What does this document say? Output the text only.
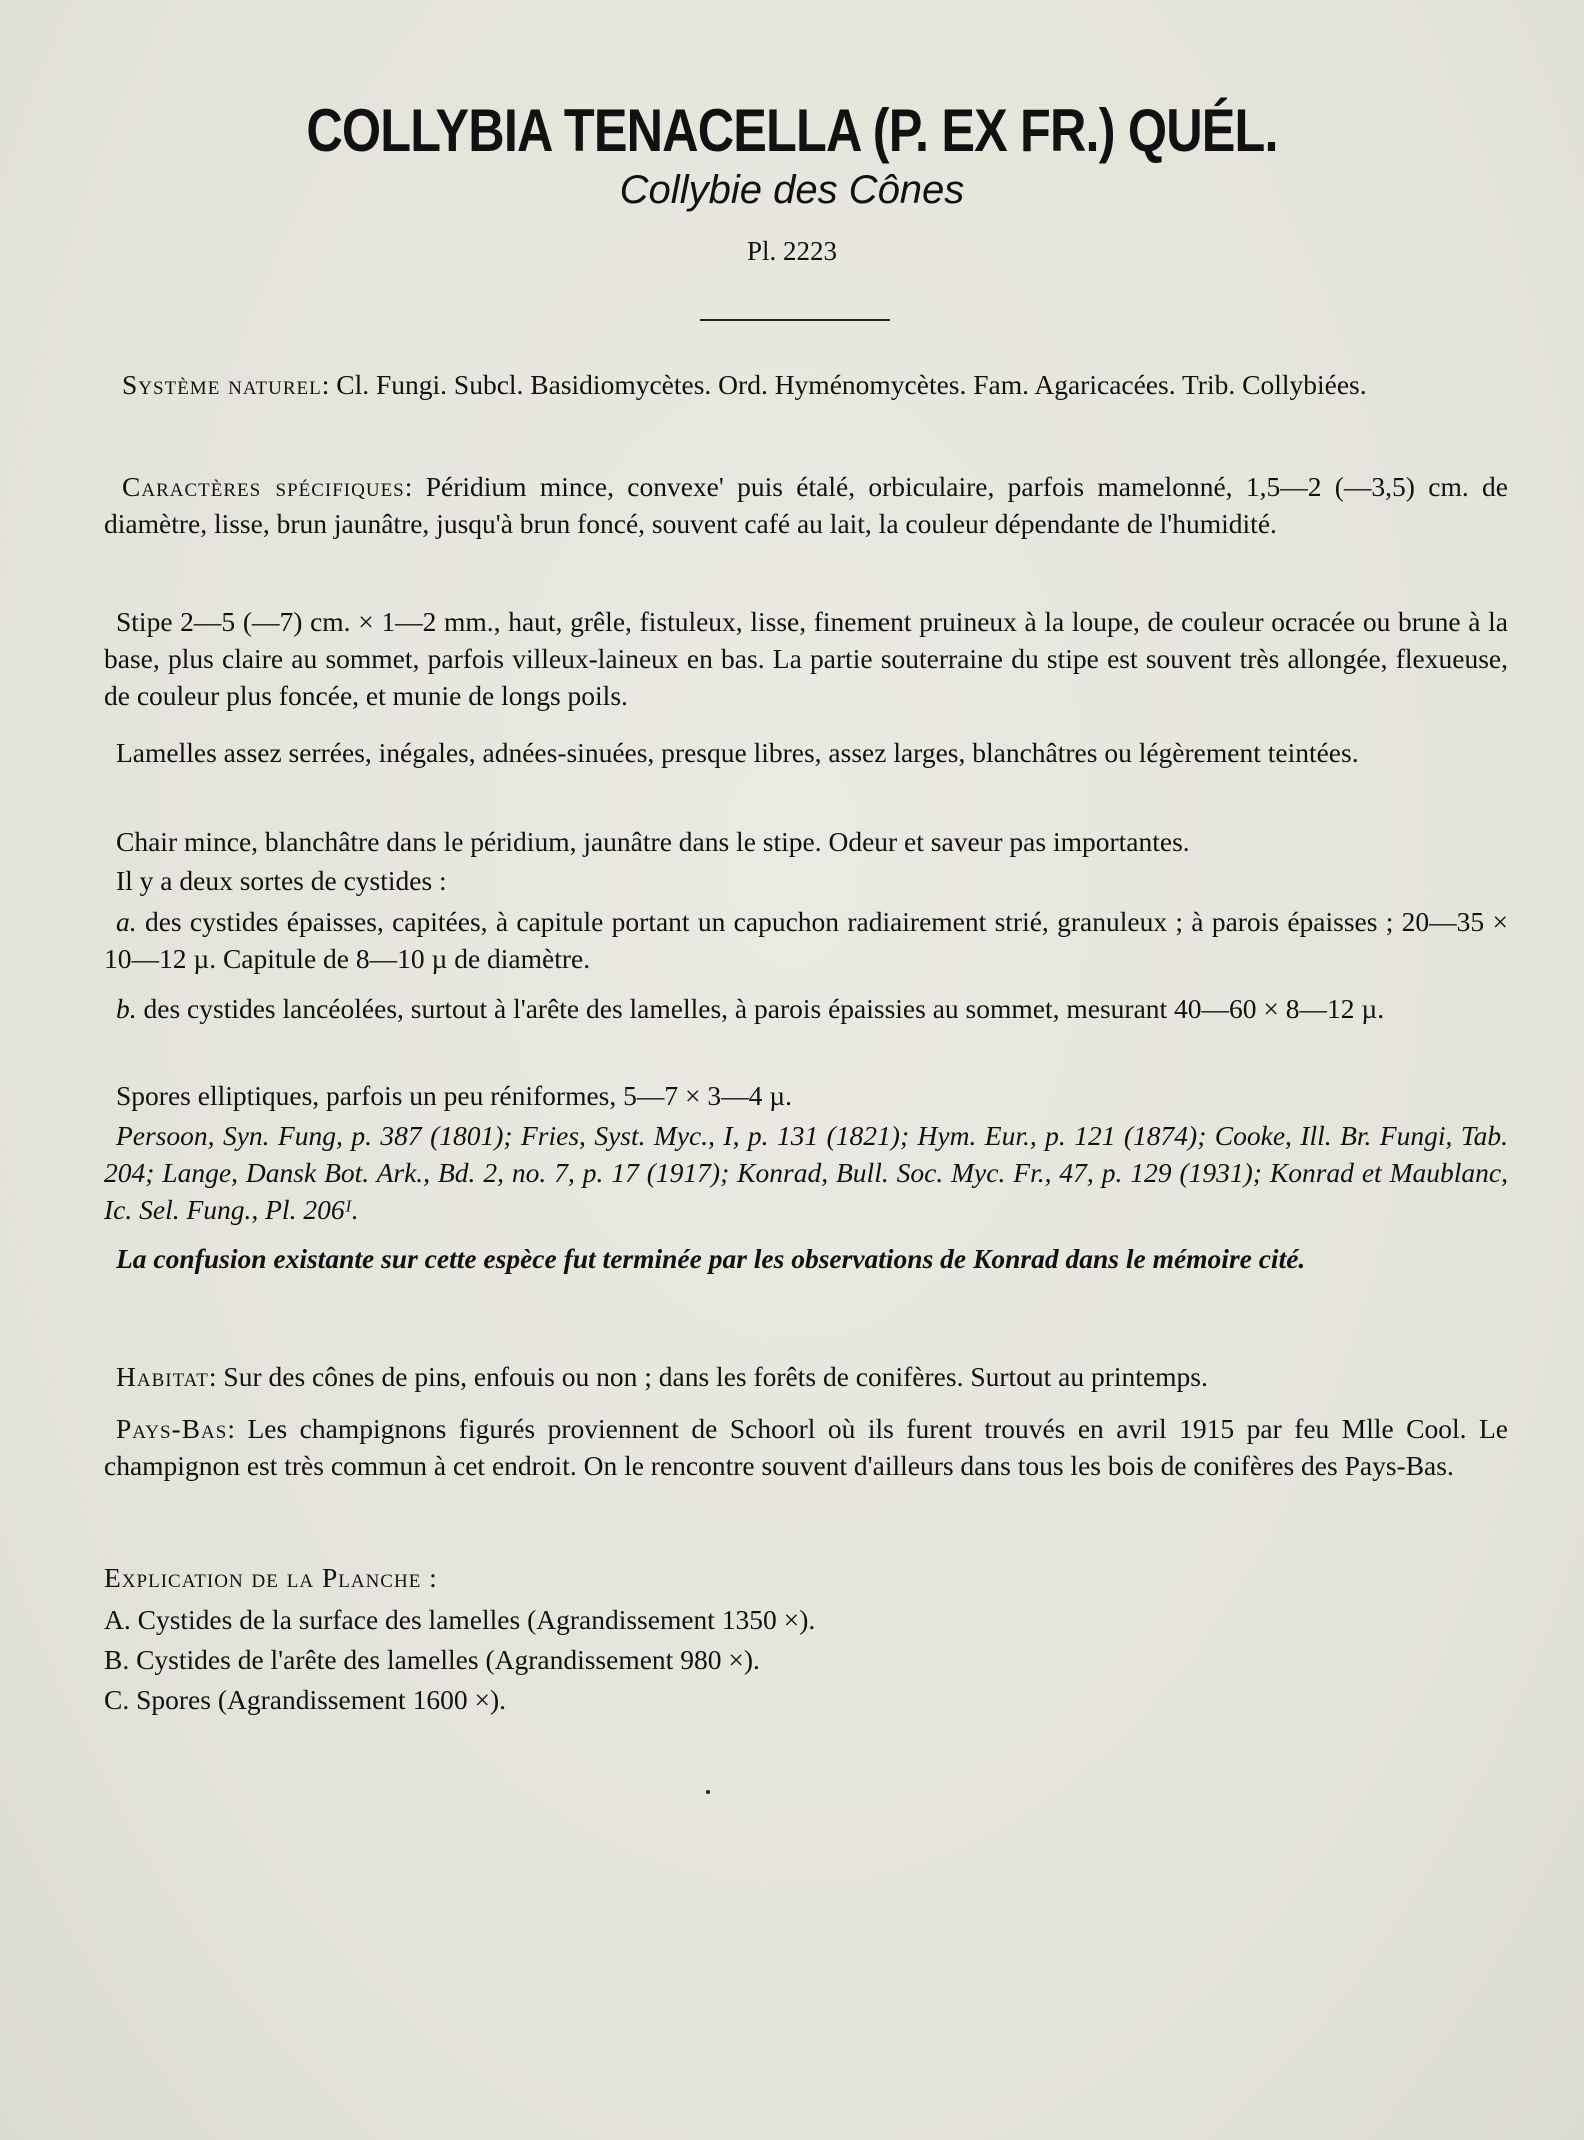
COLLYBIA TENACELLA (P. EX FR.) QUÉL.
Collybie des Cônes
Pl. 2223

Système naturel: Cl. Fungi. Subcl. Basidiomycètes. Ord. Hyménomycètes. Fam. Agaricacées. Trib. Collybiées.

Caractères spécifiques: Péridium mince, convexe' puis étalé, orbiculaire, parfois mamelonné, 1,5—2 (—3,5) cm. de diamètre, lisse, brun jaunâtre, jusqu'à brun foncé, souvent café au lait, la couleur dépendante de l'humidité.

Stipe 2—5 (—7) cm. × 1—2 mm., haut, grêle, fistuleux, lisse, finement pruineux à la loupe, de couleur ocracée ou brune à la base, plus claire au sommet, parfois villeux-laineux en bas. La partie souterraine du stipe est souvent très allongée, flexueuse, de couleur plus foncée, et munie de longs poils.

Lamelles assez serrées, inégales, adnées-sinuées, presque libres, assez larges, blanchâtres ou légèrement teintées.

Chair mince, blanchâtre dans le péridium, jaunâtre dans le stipe. Odeur et saveur pas importantes.

Il y a deux sortes de cystides :

a. des cystides épaisses, capitées, à capitule portant un capuchon radiairement strié, granuleux ; à parois épaisses ; 20—35 × 10—12 µ. Capitule de 8—10 µ de diamètre.

b. des cystides lancéolées, surtout à l'arête des lamelles, à parois épaissies au sommet, mesurant 40—60 × 8—12 µ.

Spores elliptiques, parfois un peu réniformes, 5—7 × 3—4 µ.

Persoon, Syn. Fung, p. 387 (1801); Fries, Syst. Myc., I, p. 131 (1821); Hym. Eur., p. 121 (1874); Cooke, Ill. Br. Fungi, Tab. 204; Lange, Dansk Bot. Ark., Bd. 2, no. 7, p. 17 (1917); Konrad, Bull. Soc. Myc. Fr., 47, p. 129 (1931); Konrad et Maublanc, Ic. Sel. Fung., Pl. 206ᴵ.

La confusion existante sur cette espèce fut terminée par les observations de Konrad dans le mémoire cité.

Habitat: Sur des cônes de pins, enfouis ou non ; dans les forêts de conifères. Surtout au printemps.

Pays-Bas: Les champignons figurés proviennent de Schoorl où ils furent trouvés en avril 1915 par feu Mlle Cool. Le champignon est très commun à cet endroit. On le rencontre souvent d'ailleurs dans tous les bois de conifères des Pays-Bas.

Explication de la Planche :
A. Cystides de la surface des lamelles (Agrandissement 1350 ×).
B. Cystides de l'arête des lamelles (Agrandissement 980 ×).
C. Spores (Agrandissement 1600 ×).
